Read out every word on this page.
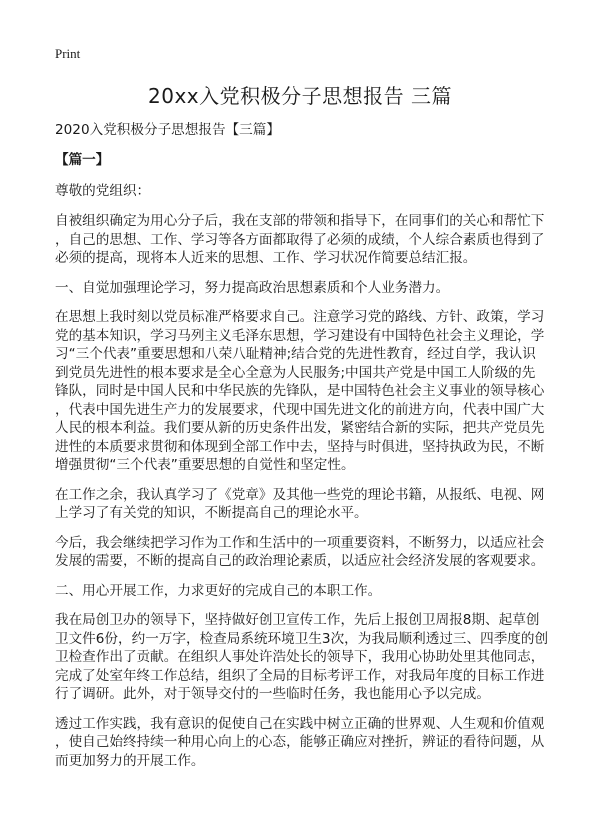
Print
20xx入党积极分子思想报告 三篇
2020入党积极分子思想报告【三篇】
【篇一】
尊敬的党组织：
自被组织确定为用心分子后，我在支部的带领和指导下，在同事们的关心和帮忙下
，自己的思想、工作、学习等各方面都取得了必须的成绩，个人综合素质也得到了
必须的提高，现将本人近来的思想、工作、学习状况作简要总结汇报。
一、自觉加强理论学习，努力提高政治思想素质和个人业务潜力。
在思想上我时刻以党员标准严格要求自己。注意学习党的路线、方针、政策，学习
党的基本知识，学习马列主义毛泽东思想，学习建设有中国特色社会主义理论，学
习“三个代表”重要思想和八荣八耻精神;结合党的先进性教育，经过自学，我认识
到党员先进性的根本要求是全心全意为人民服务;中国共产党是中国工人阶级的先
锋队，同时是中国人民和中华民族的先锋队，是中国特色社会主义事业的领导核心
，代表中国先进生产力的发展要求，代现中国先进文化的前进方向，代表中国广大
人民的根本利益。我们要从新的历史条件出发，紧密结合新的实际，把共产党员先
进性的本质要求贯彻和体现到全部工作中去，坚持与时俱进，坚持执政为民，不断
增强贯彻“三个代表”重要思想的自觉性和坚定性。
在工作之余，我认真学习了《党章》及其他一些党的理论书籍，从报纸、电视、网
上学习了有关党的知识，不断提高自己的理论水平。
今后，我会继续把学习作为工作和生活中的一项重要资料，不断努力，以适应社会
发展的需要，不断的提高自己的政治理论素质，以适应社会经济发展的客观要求。
二、用心开展工作，力求更好的完成自己的本职工作。
我在局创卫办的领导下，坚持做好创卫宣传工作，先后上报创卫周报8期、起草创
卫文件6份，约一万字，检查局系统环境卫生3次，为我局顺利透过三、四季度的创
卫检查作出了贡献。在组织人事处许浩处长的领导下，我用心协助处里其他同志，
完成了处室年终工作总结，组织了全局的目标考评工作，对我局年度的目标工作进
行了调研。此外，对于领导交付的一些临时任务，我也能用心予以完成。
透过工作实践，我有意识的促使自己在实践中树立正确的世界观、人生观和价值观
，使自己始终持续一种用心向上的心态，能够正确应对挫折，辨证的看待问题，从
而更加努力的开展工作。
